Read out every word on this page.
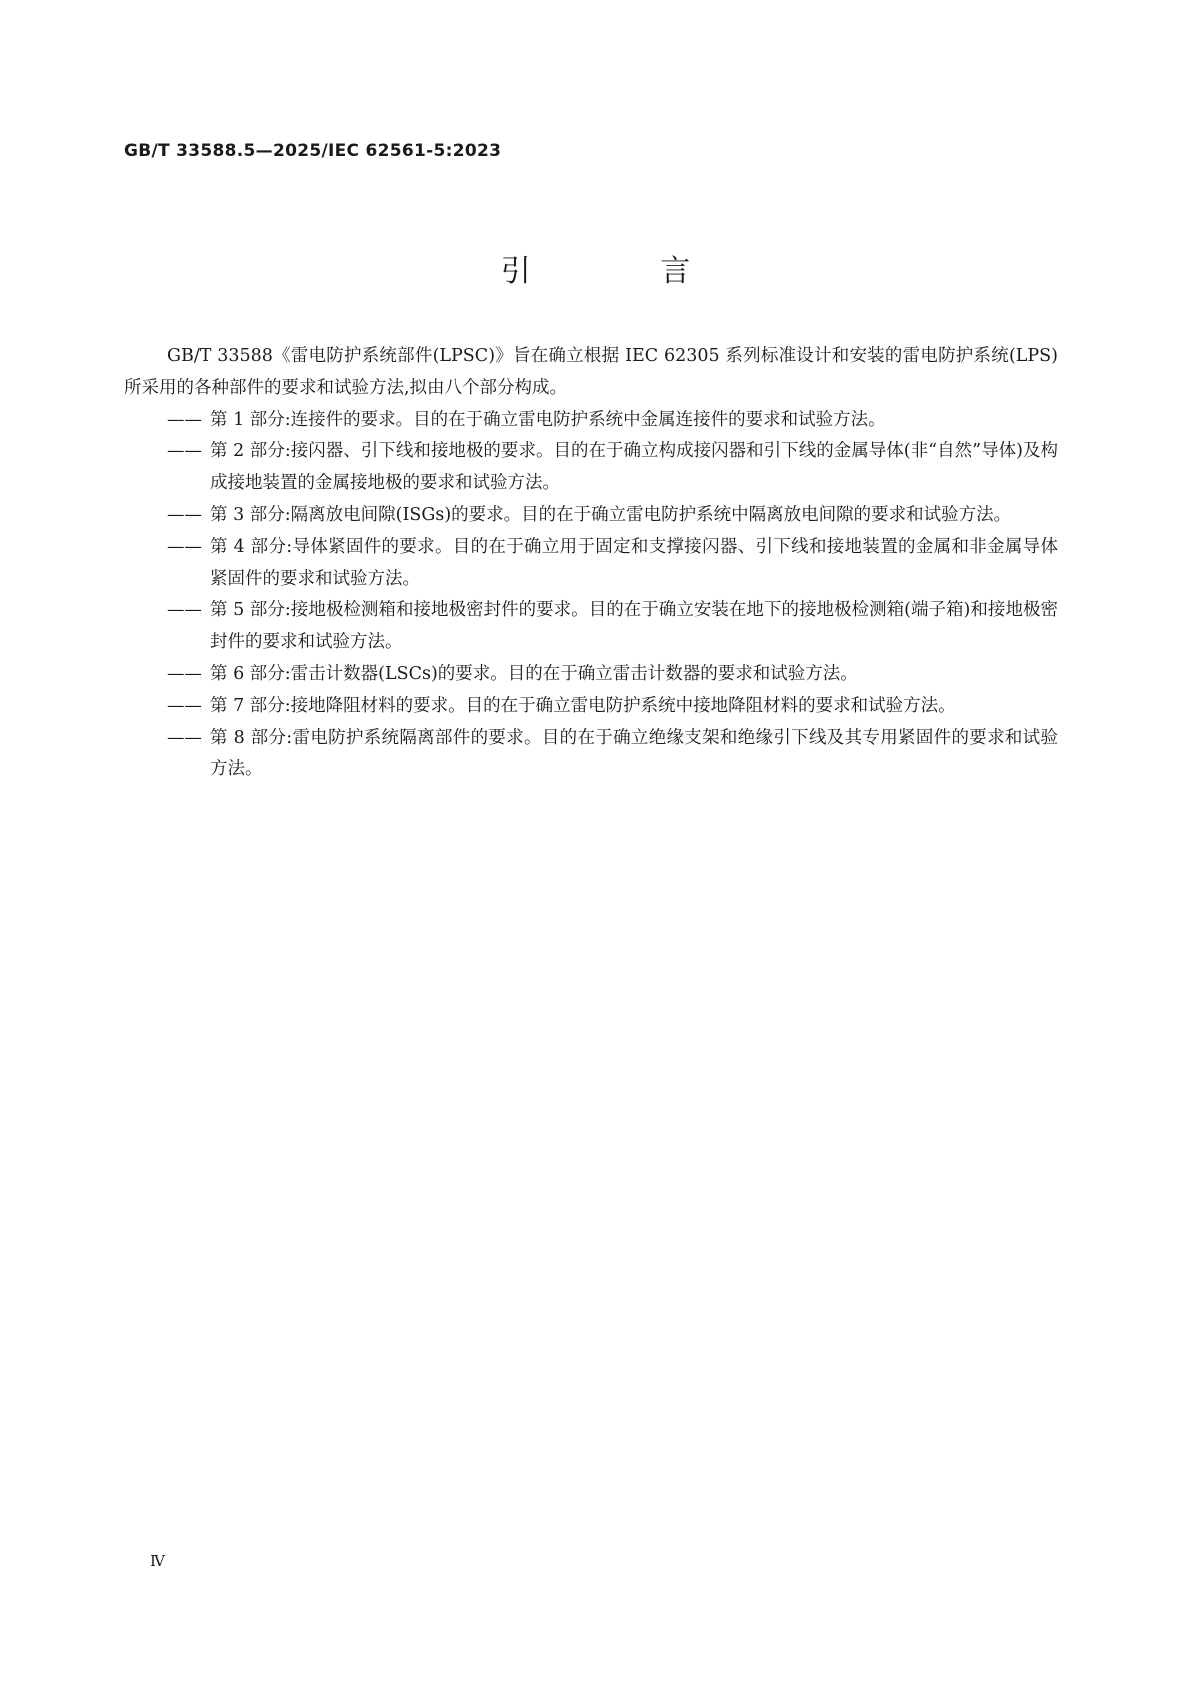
GB/T 33588.5—2025/IEC 62561-5:2023
引 言

GB/T 33588《雷电防护系统部件(LPSC)》旨在确立根据 IEC 62305 系列标准设计和安装的雷电防护系统(LPS)所采用的各种部件的要求和试验方法,拟由八个部分构成。

—— 第 1 部分:连接件的要求。目的在于确立雷电防护系统中金属连接件的要求和试验方法。

—— 第 2 部分:接闪器、引下线和接地极的要求。目的在于确立构成接闪器和引下线的金属导体(非“自然”导体)及构成接地装置的金属接地极的要求和试验方法。

—— 第 3 部分:隔离放电间隙(ISGs)的要求。目的在于确立雷电防护系统中隔离放电间隙的要求和试验方法。

—— 第 4 部分:导体紧固件的要求。目的在于确立用于固定和支撑接闪器、引下线和接地装置的金属和非金属导体紧固件的要求和试验方法。

—— 第 5 部分:接地极检测箱和接地极密封件的要求。目的在于确立安装在地下的接地极检测箱(端子箱)和接地极密封件的要求和试验方法。

—— 第 6 部分:雷击计数器(LSCs)的要求。目的在于确立雷击计数器的要求和试验方法。

—— 第 7 部分:接地降阻材料的要求。目的在于确立雷电防护系统中接地降阻材料的要求和试验方法。

—— 第 8 部分:雷电防护系统隔离部件的要求。目的在于确立绝缘支架和绝缘引下线及其专用紧固件的要求和试验方法。

Ⅳ
